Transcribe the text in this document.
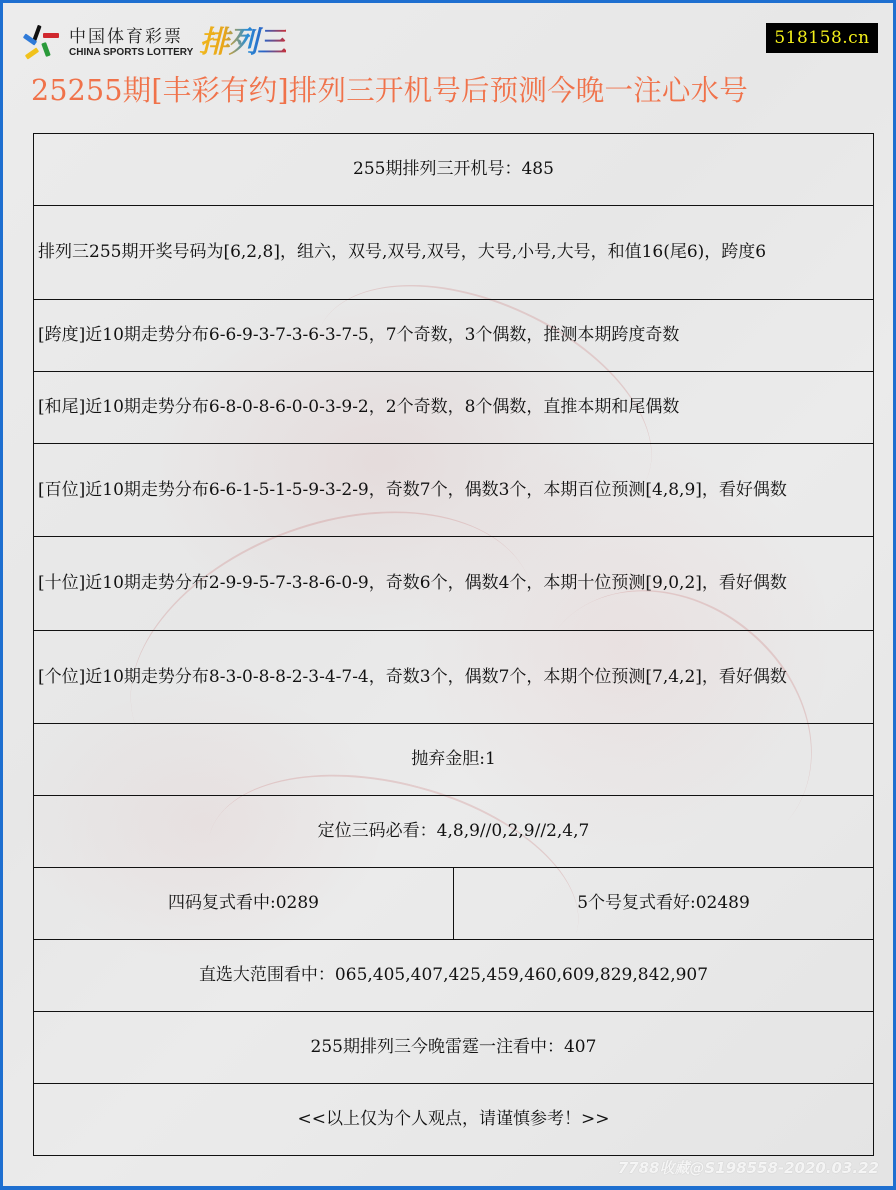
中国体育彩票
CHINA SPORTS LOTTERY 排列三	518158.cn
25255期[丰彩有约]排列三开机号后预测今晚一注心水号
255期排列三开机号：485
排列三255期开奖号码为[6,2,8]，组六，双号,双号,双号，大号,小号,大号，和值16(尾6)，跨度6
[跨度]近10期走势分布6-6-9-3-7-3-6-3-7-5，7个奇数，3个偶数，推测本期跨度奇数
[和尾]近10期走势分布6-8-0-8-6-0-0-3-9-2，2个奇数，8个偶数，直推本期和尾偶数
[百位]近10期走势分布6-6-1-5-1-5-9-3-2-9，奇数7个，偶数3个，本期百位预测[4,8,9]，看好偶数
[十位]近10期走势分布2-9-9-5-7-3-8-6-0-9，奇数6个，偶数4个，本期十位预测[9,0,2]，看好偶数
[个位]近10期走势分布8-3-0-8-8-2-3-4-7-4，奇数3个，偶数7个，本期个位预测[7,4,2]，看好偶数
抛弃金胆:1
定位三码必看：4,8,9//0,2,9//2,4,7
四码复式看中:0289	5个号复式看好:02489
直选大范围看中：065,405,407,425,459,460,609,829,842,907
255期排列三今晚雷霆一注看中：407
<<以上仅为个人观点，请谨慎参考！>>
7788收藏@S198558-2020.03.22
